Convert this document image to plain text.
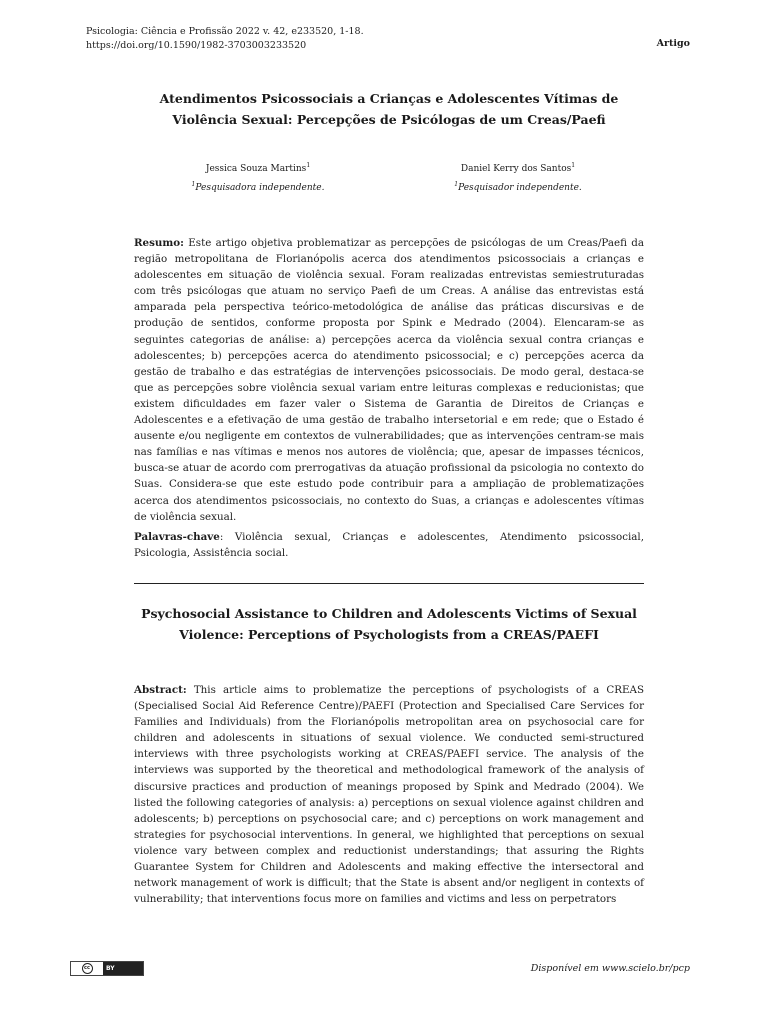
Psicologia: Ciência e Profissão 2022 v. 42, e233520, 1-18.
https://doi.org/10.1590/1982-3703003233520	Artigo
Atendimentos Psicossociais a Crianças e Adolescentes Vítimas de
Violência Sexual: Percepções de Psicólogas de um Creas/Paefi
Jessica Souza Martins$^1$
$^1$Pesquisadora independente.
Daniel Kerry dos Santos$^1$
$^1$Pesquisador independente.
Resumo: Este artigo objetiva problematizar as percepções de psicólogas de um Creas/Paefi da região metropolitana de Florianópolis acerca dos atendimentos psicossociais a crianças e adolescentes em situação de violência sexual. Foram realizadas entrevistas semiestruturadas com três psicólogas que atuam no serviço Paefi de um Creas. A análise das entrevistas está amparada pela perspectiva teórico-metodológica de análise das práticas discursivas e de produção de sentidos, conforme proposta por Spink e Medrado (2004). Elencaram-se as seguintes categorias de análise: a) percepções acerca da violência sexual contra crianças e adolescentes; b) percepções acerca do atendimento psicossocial; e c) percepções acerca da gestão de trabalho e das estratégias de intervenções psicossociais. De modo geral, destaca-se que as percepções sobre violência sexual variam entre leituras complexas e reducionistas; que existem dificuldades em fazer valer o Sistema de Garantia de Direitos de Crianças e Adolescentes e a efetivação de uma gestão de trabalho intersetorial e em rede; que o Estado é ausente e/ou negligente em contextos de vulnerabilidades; que as intervenções centram-se mais nas famílias e nas vítimas e menos nos autores de violência; que, apesar de impasses técnicos, busca-se atuar de acordo com prerrogativas da atuação profissional da psicologia no contexto do Suas. Considera-se que este estudo pode contribuir para a ampliação de problematizações acerca dos atendimentos psicossociais, no contexto do Suas, a crianças e adolescentes vítimas de violência sexual.
Palavras-chave: Violência sexual, Crianças e adolescentes, Atendimento psicossocial, Psicologia, Assistência social.
Psychosocial Assistance to Children and Adolescents Victims of Sexual
Violence: Perceptions of Psychologists from a CREAS/PAEFI
Abstract: This article aims to problematize the perceptions of psychologists of a CREAS (Specialised Social Aid Reference Centre)/PAEFI (Protection and Specialised Care Services for Families and Individuals) from the Florianópolis metropolitan area on psychosocial care for children and adolescents in situations of sexual violence. We conducted semi-structured interviews with three psychologists working at CREAS/PAEFI service. The analysis of the interviews was supported by the theoretical and methodological framework of the analysis of discursive practices and production of meanings proposed by Spink and Medrado (2004). We listed the following categories of analysis: a) perceptions on sexual violence against children and adolescents; b) perceptions on psychosocial care; and c) perceptions on work management and strategies for psychosocial interventions. In general, we highlighted that perceptions on sexual violence vary between complex and reductionist understandings; that assuring the Rights Guarantee System for Children and Adolescents and making effective the intersectoral and network management of work is difficult; that the State is absent and/or negligent in contexts of vulnerability; that interventions focus more on families and victims and less on perpetrators
cc	BY	Disponível em www.scielo.br/pcp
